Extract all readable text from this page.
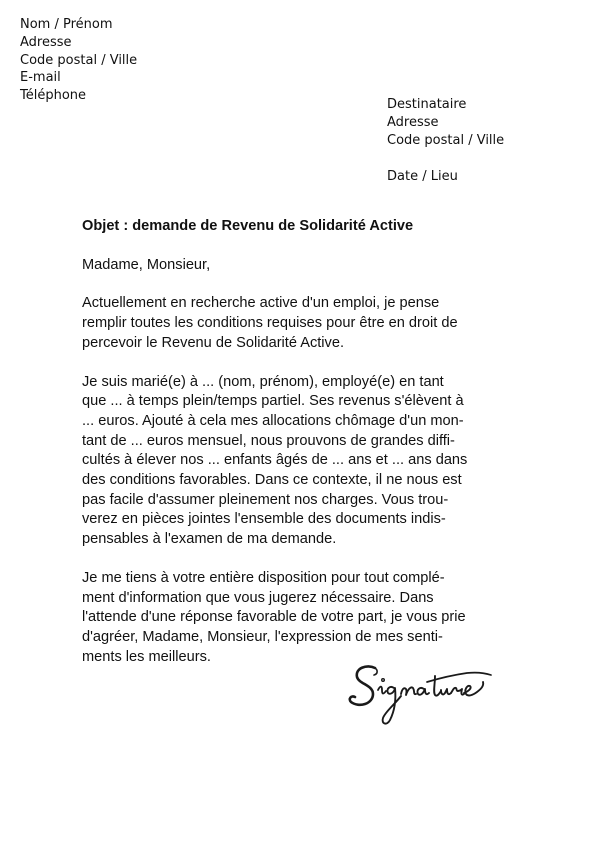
Nom / Prénom
Adresse
Code postal / Ville
E-mail
Téléphone
Destinataire
Adresse
Code postal / Ville
Date / Lieu

Objet : demande de Revenu de Solidarité Active

Madame, Monsieur,

Actuellement en recherche active d'un emploi, je pense
remplir toutes les conditions requises pour être en droit de
percevoir le Revenu de Solidarité Active.

Je suis marié(e) à ... (nom, prénom), employé(e) en tant
que ... à temps plein/temps partiel. Ses revenus s'élèvent à
... euros. Ajouté à cela mes allocations chômage d'un mon-
tant de ... euros mensuel, nous prouvons de grandes diffi-
cultés à élever nos ... enfants âgés de ... ans et ... ans dans
des conditions favorables. Dans ce contexte, il ne nous est
pas facile d'assumer pleinement nos charges. Vous trou-
verez en pièces jointes l'ensemble des documents indis-
pensables à l'examen de ma demande.

Je me tiens à votre entière disposition pour tout complé-
ment d'information que vous jugerez nécessaire. Dans
l'attende d'une réponse favorable de votre part, je vous prie
d'agréer, Madame, Monsieur, l'expression de mes senti-
ments les meilleurs.
